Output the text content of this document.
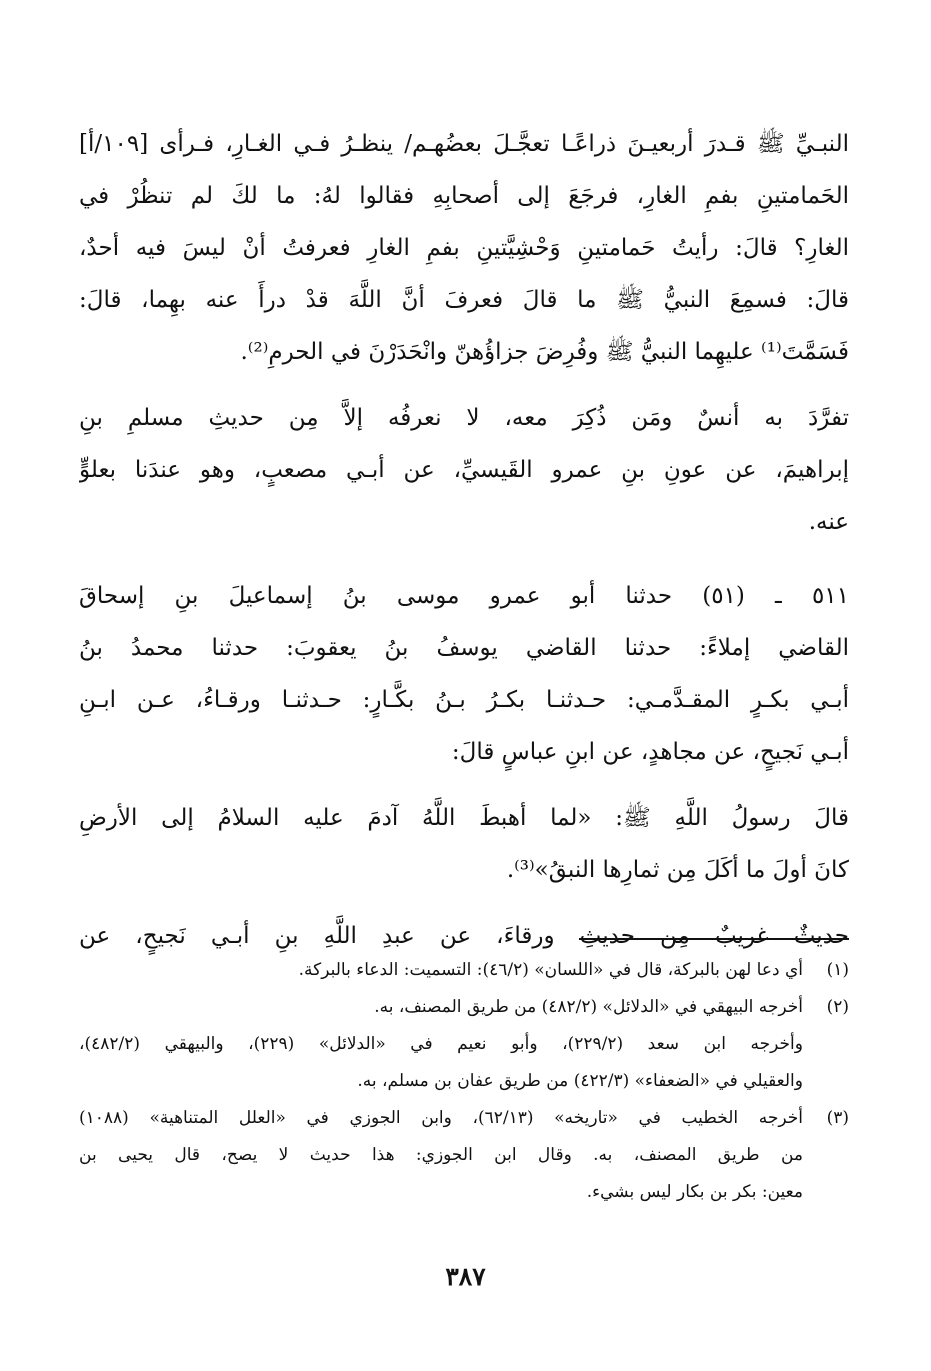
النبـيِّ ﷺ قـدرَ أربعيـنَ ذراعًـا تعجَّـلَ بعضُهـم/ ينظـرُ فـي الغـارِ، فـرأى [١٠٩/أ]
الحَمامتينِ بفمِ الغارِ، فرجَعَ إلى أصحابِهِ فقالوا لهُ: ما لكَ لم تنظُرْ في
الغارِ؟ قالَ: رأيتُ حَمامتينِ وَحْشِيَّتينِ بفمِ الغارِ فعرفتُ أنْ ليسَ فيه أحدٌ،
قالَ: فسمِعَ النبيُّ ﷺ ما قالَ فعرفَ أنَّ اللَّهَ قدْ درأَ عنه بهِما، قالَ:
فَسَمَّتَ⁽¹⁾ عليهِما النبيُّ ﷺ وفُرِضَ جزاؤُهنّ وانْحَدَرْنَ في الحرمِ⁽²⁾.

تفرَّدَ به أنسٌ ومَن ذُكِرَ معه، لا نعرفُه إلاَّ مِن حديثِ مسلمِ بنِ
إبراهيمَ، عن عونِ بنِ عمرو القَيسيِّ، عن أبـي مصعبٍ، وهو عندَنا بعلوٍّ
عنه.

٥١١ ـ (٥١) حدثنا أبو عمرو موسى بنُ إسماعيلَ بنِ إسحاقَ
القاضي إملاءً: حدثنا القاضي يوسفُ بنُ يعقوبَ: حدثنا محمدُ بنُ
أبـي بكـرٍ المقـدَّمـي: حـدثنـا بكـرُ بـنُ بكَّـارٍ: حـدثنـا ورقـاءُ، عـن ابـنِ
أبـي نَجيحٍ، عن مجاهدٍ، عن ابنِ عباسٍ قالَ:

قالَ رسولُ اللَّهِ ﷺ: «لما أهبطَ اللَّهُ آدمَ عليه السلامُ إلى الأرضِ
كانَ أولَ ما أكَلَ مِن ثمارِها النبقُ»⁽³⁾.

حديثٌ غريبٌ مِن حديثِ ورقاءَ، عن عبدِ اللَّهِ بنِ أبـي نَجيحٍ، عن

(١)
أي دعا لهن بالبركة، قال في «اللسان» (٤٦/٢): التسميت: الدعاء بالبركة.
(٢)
أخرجه البيهقي في «الدلائل» (٤٨٢/٢) من طريق المصنف، به.
وأخرجه ابن سعد (٢٢٩/٢)، وأبو نعيم في «الدلائل» (٢٢٩)، والبيهقي (٤٨٢/٢)،
والعقيلي في «الضعفاء» (٤٢٢/٣) من طريق عفان بن مسلم، به.
(٣)
أخرجه الخطيب في «تاريخه» (٦٢/١٣)، وابن الجوزي في «العلل المتناهية» (١٠٨٨)
من طريق المصنف، به. وقال ابن الجوزي: هذا حديث لا يصح، قال يحيى بن
معين: بكر بن بكار ليس بشيء.
٣٨٧
